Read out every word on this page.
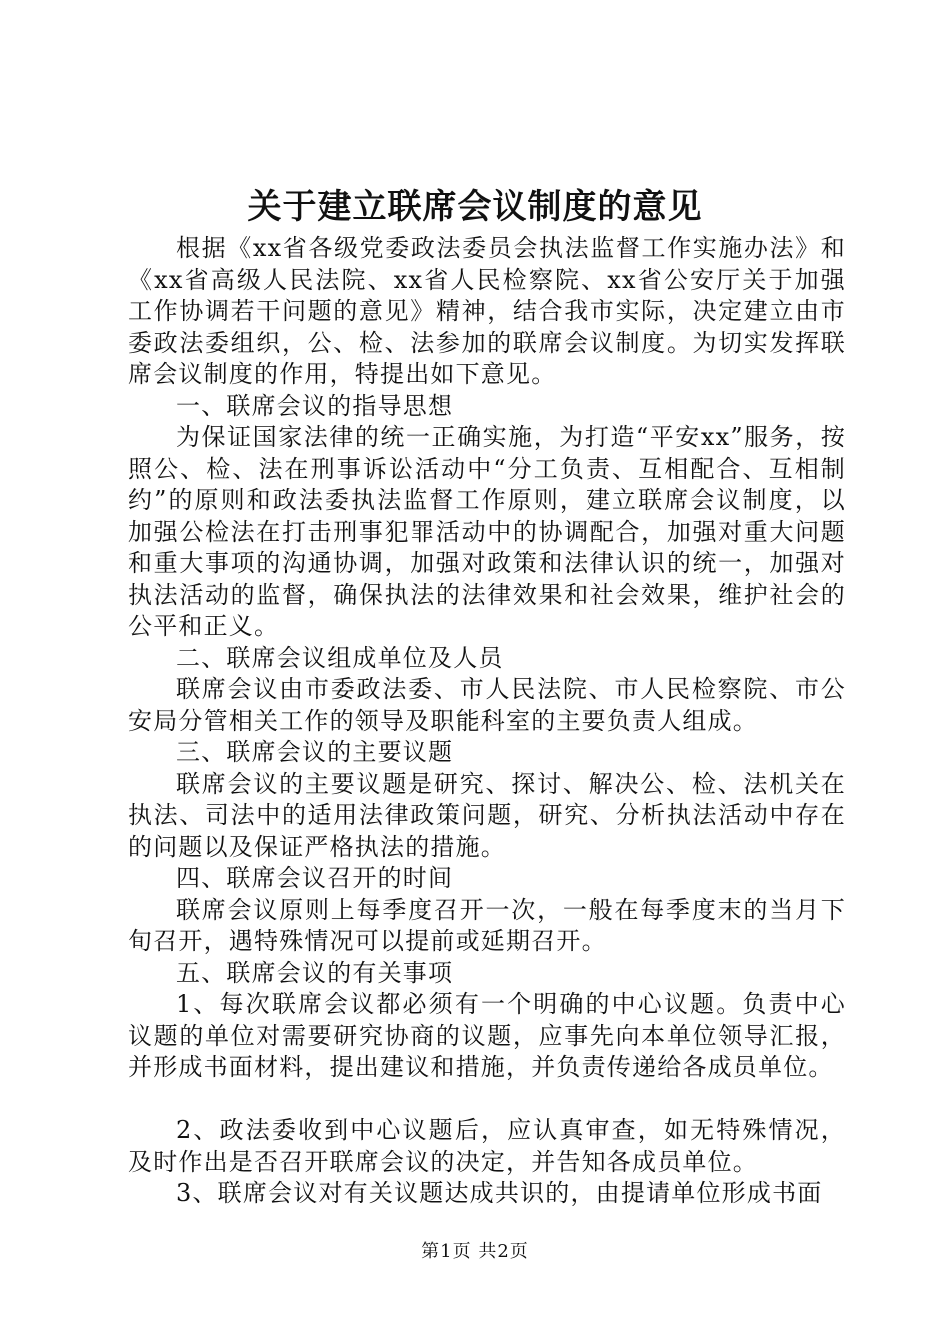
关于建立联席会议制度的意见

根据《xx省各级党委政法委员会执法监督工作实施办法》和《xx省高级人民法院、xx省人民检察院、xx省公安厅关于加强工作协调若干问题的意见》精神，结合我市实际，决定建立由市委政法委组织，公、检、法参加的联席会议制度。为切实发挥联席会议制度的作用，特提出如下意见。

一、联席会议的指导思想

为保证国家法律的统一正确实施，为打造“平安xx”服务，按照公、检、法在刑事诉讼活动中“分工负责、互相配合、互相制约”的原则和政法委执法监督工作原则，建立联席会议制度，以加强公检法在打击刑事犯罪活动中的协调配合，加强对重大问题和重大事项的沟通协调，加强对政策和法律认识的统一，加强对执法活动的监督，确保执法的法律效果和社会效果，维护社会的公平和正义。

二、联席会议组成单位及人员

联席会议由市委政法委、市人民法院、市人民检察院、市公安局分管相关工作的领导及职能科室的主要负责人组成。

三、联席会议的主要议题

联席会议的主要议题是研究、探讨、解决公、检、法机关在执法、司法中的适用法律政策问题，研究、分析执法活动中存在的问题以及保证严格执法的措施。

四、联席会议召开的时间

联席会议原则上每季度召开一次，一般在每季度末的当月下旬召开，遇特殊情况可以提前或延期召开。

五、联席会议的有关事项

1、每次联席会议都必须有一个明确的中心议题。负责中心议题的单位对需要研究协商的议题，应事先向本单位领导汇报，并形成书面材料，提出建议和措施，并负责传递给各成员单位。

2、政法委收到中心议题后，应认真审查，如无特殊情况，及时作出是否召开联席会议的决定，并告知各成员单位。

3、联席会议对有关议题达成共识的，由提请单位形成书面

第1页 共2页
